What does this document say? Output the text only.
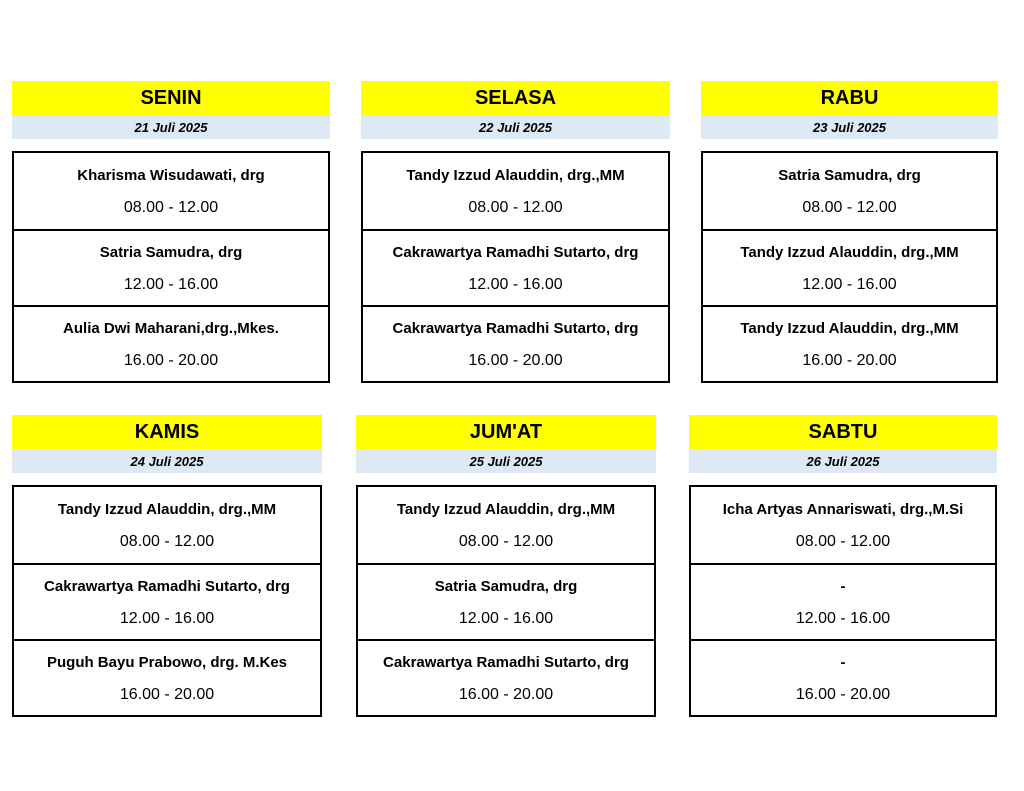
SENIN
21 Juli 2025
Kharisma Wisudawati, drg
08.00 - 12.00
Satria Samudra, drg
12.00 - 16.00
Aulia Dwi Maharani,drg.,Mkes.
16.00 - 20.00
SELASA
22 Juli 2025
Tandy Izzud Alauddin, drg.,MM
08.00 - 12.00
Cakrawartya Ramadhi Sutarto, drg
12.00 - 16.00
Cakrawartya Ramadhi Sutarto, drg
16.00 - 20.00
RABU
23 Juli 2025
Satria Samudra, drg
08.00 - 12.00
Tandy Izzud Alauddin, drg.,MM
12.00 - 16.00
Tandy Izzud Alauddin, drg.,MM
16.00 - 20.00
KAMIS
24 Juli 2025
Tandy Izzud Alauddin, drg.,MM
08.00 - 12.00
Cakrawartya Ramadhi Sutarto, drg
12.00 - 16.00
Puguh Bayu Prabowo, drg. M.Kes
16.00 - 20.00
JUM'AT
25 Juli 2025
Tandy Izzud Alauddin, drg.,MM
08.00 - 12.00
Satria Samudra, drg
12.00 - 16.00
Cakrawartya Ramadhi Sutarto, drg
16.00 - 20.00
SABTU
26 Juli 2025
Icha Artyas Annariswati, drg.,M.Si
08.00 - 12.00
-
12.00 - 16.00
-
16.00 - 20.00
